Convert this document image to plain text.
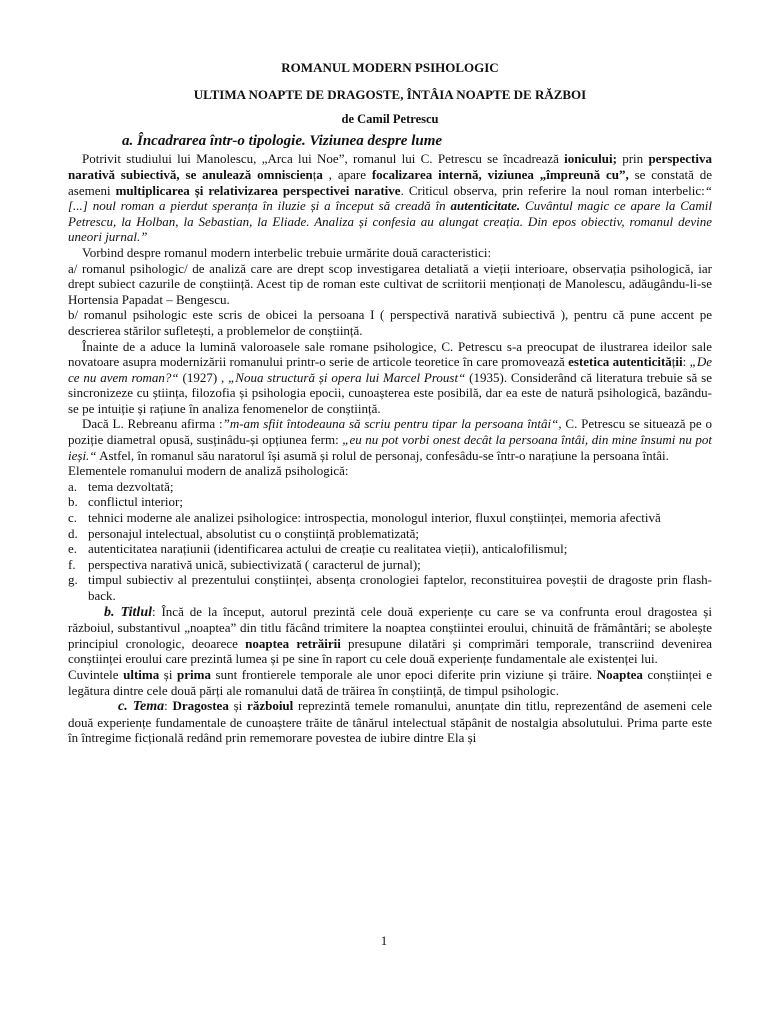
ROMANUL MODERN PSIHOLOGIC
ULTIMA NOAPTE DE DRAGOSTE, ÎNTÂIA NOAPTE DE RĂZBOI
de Camil Petrescu
a. Încadrarea într-o tipologie. Viziunea despre lume

Potrivit studiului lui Manolescu, „Arca lui Noe”, romanul lui C. Petrescu se încadrează ionicului; prin perspectiva narativă subiectivă, se anulează omnisciența , apare focalizarea internă, viziunea „împreună cu”, se constată de asemeni multiplicarea și relativizarea perspectivei narative. Criticul observa, prin referire la noul roman interbelic:“ [...] noul roman a pierdut speranța în iluzie și a început să creadă în autenticitate. Cuvântul magic ce apare la Camil Petrescu, la Holban, la Sebastian, la Eliade. Analiza și confesia au alungat creația. Din epos obiectiv, romanul devine uneori jurnal.”

Vorbind despre romanul modern interbelic trebuie urmărite două caracteristici:

a/ romanul psihologic/ de analiză care are drept scop investigarea detaliată a vieții interioare, observația psihologică, iar drept subiect cazurile de conștiință. Acest tip de roman este cultivat de scriitorii menționați de Manolescu, adăugându-li-se Hortensia Papadat – Bengescu.

b/ romanul psihologic este scris de obicei la persoana I ( perspectivă narativă subiectivă ), pentru că pune accent pe descrierea stărilor sufletești, a problemelor de conștiință.

Înainte de a aduce la lumină valoroasele sale romane psihologice, C. Petrescu s-a preocupat de ilustrarea ideilor sale novatoare asupra modernizării romanului printr-o serie de articole teoretice în care promovează estetica autenticității: „De ce nu avem roman?“ (1927) , „Noua structură și opera lui Marcel Proust“ (1935). Considerând că literatura trebuie să se sincronizeze cu știința, filozofia și psihologia epocii, cunoașterea este posibilă, dar ea este de natură psihologică, bazându-se pe intuiție și rațiune în analiza fenomenelor de conștiință.

Dacă L. Rebreanu afirma :”m-am sfiit întodeauna să scriu pentru tipar la persoana întâi“, C. Petrescu se situează pe o poziție diametral opusă, susținâdu-și opțiunea ferm: „eu nu pot vorbi onest decât la persoana întâi, din mine însumi nu pot ieși.“ Astfel, în romanul său naratorul își asumă și rolul de personaj, confesâdu-se într-o narațiune la persoana întâi.

Elementele romanului modern de analiză psihologică:

a. tema dezvoltată;
b. conflictul interior;
c. tehnici moderne ale analizei psihologice: introspectia, monologul interior, fluxul conștiinței, memoria afectivă
d. personajul intelectual, absolutist cu o conștiință problematizată;
e. autenticitatea narațiunii (identificarea actului de creație cu realitatea vieții), anticalofilismul;
f. perspectiva narativă unică, subiectivizată ( caracterul de jurnal);
g. timpul subiectiv al prezentului conștiinței, absența cronologiei faptelor, reconstituirea poveștii de dragoste prin flash-back.

b. Titlul: Încă de la început, autorul prezintă cele două experiențe cu care se va confrunta eroul dragostea și războiul, substantivul „noaptea” din titlu făcând trimitere la noaptea conștiintei eroului, chinuită de frământări; se abolește principiul cronologic, deoarece noaptea retrăirii presupune dilatări și comprimări temporale, transcriind devenirea conștiinței eroului care prezintă lumea și pe sine în raport cu cele două experiențe fundamentale ale existenței lui.

Cuvintele ultima și prima sunt frontierele temporale ale unor epoci diferite prin viziune și trăire. Noaptea conștiinței e legătura dintre cele două părți ale romanului dată de trăirea în conștiință, de timpul psihologic.

c. Tema: Dragostea și războiul reprezintă temele romanului, anunțate din titlu, reprezentând de asemeni cele două experiențe fundamentale de cunoaștere trăite de tânărul intelectual stăpânit de nostalgia absolutului. Prima parte este în întregime ficțională redând prin rememorare povestea de iubire dintre Ela și

1
